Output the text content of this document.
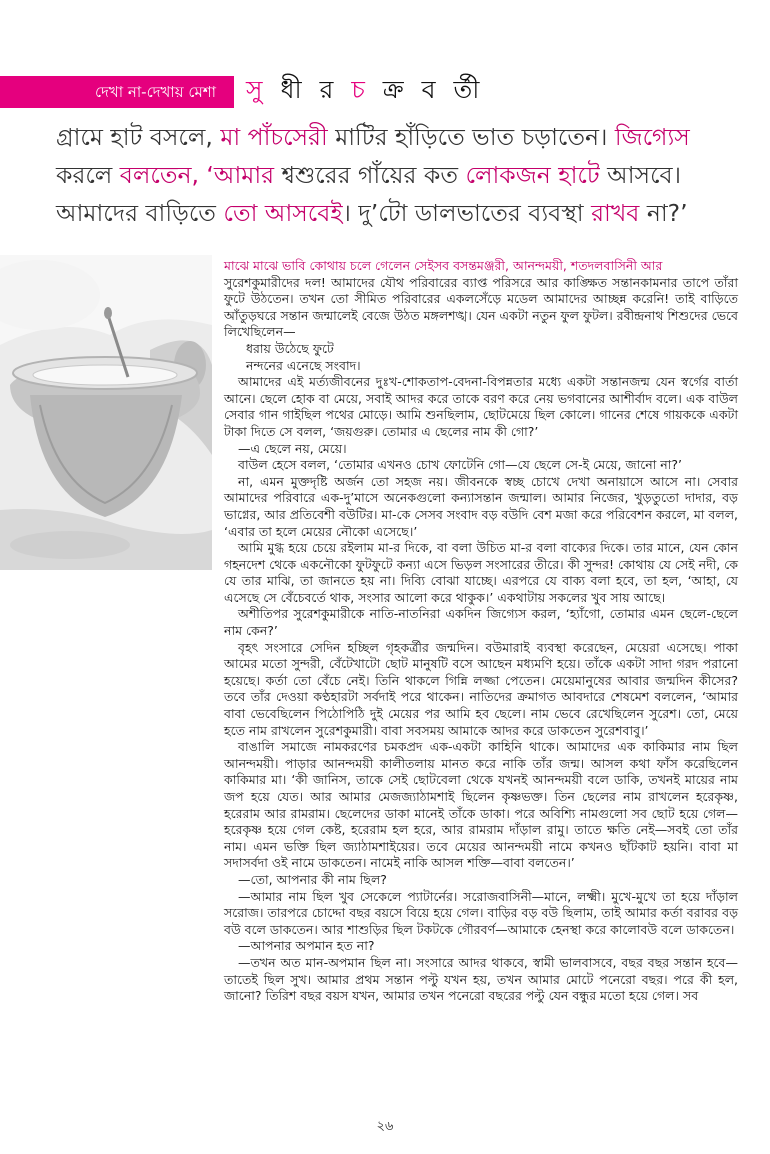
দেখা না-দেখায় মেশা	সু ধী র চ ক্র ব র্তী
গ্রামে হাট বসলে, মা পাঁচসেরী মাটির হাঁড়িতে ভাত চড়াতেন। জিগ্যেস
করলে বলতেন, ‘আমার শ্বশুরের গাঁয়ের কত লোকজন হাটে আসবে।
আমাদের বাড়িতে তো আসবেই। দু’টো ডালভাতের ব্যবস্থা রাখব না?’

মাঝে মাঝে ভাবি কোথায় চলে গেলেন সেইসব বসন্তমঞ্জরী, আনন্দময়ী, শতদলবাসিনী আর
সুরেশকুমারীদের দল! আমাদের যৌথ পরিবারের ব্যাপ্ত পরিসরে আর কাঙ্ক্ষিত সন্তানকামনার তাপে তাঁরা ফুটে উঠতেন। তখন তো সীমিত পরিবারের একলসেঁড়ে মডেল আমাদের আচ্ছন্ন করেনি! তাই বাড়িতে আঁতুড়ঘরে সন্তান জন্মালেই বেজে উঠত মঙ্গলশঙ্খ। যেন একটা নতুন ফুল ফুটল। রবীন্দ্রনাথ শিশুদের ভেবে লিখেছিলেন—

ধরায় উঠেছে ফুটে

নন্দনের এনেছে সংবাদ।

আমাদের এই মর্ত্যজীবনের দুঃখ-শোকতাপ-বেদনা-বিপন্নতার মধ্যে একটা সন্তানজন্ম যেন স্বর্গের বার্তা আনে। ছেলে হোক বা মেয়ে, সবাই আদর করে তাকে বরণ করে নেয় ভগবানের আশীর্বাদ বলে। এক বাউল সেবার গান গাইছিল পথের মোড়ে। আমি শুনছিলাম, ছোটমেয়ে ছিল কোলে। গানের শেষে গায়ককে একটা টাকা দিতে সে বলল, ‘জয়গুরু। তোমার এ ছেলের নাম কী গো?’

—এ ছেলে নয়, মেয়ে।

বাউল হেসে বলল, ‘তোমার এখনও চোখ ফোটেনি গো—যে ছেলে সে-ই মেয়ে, জানো না?’

না, এমন মুক্তদৃষ্টি অর্জন তো সহজ নয়। জীবনকে স্বচ্ছ চোখে দেখা অনায়াসে আসে না। সেবার আমাদের পরিবারে এক-দু’মাসে অনেকগুলো কন্যাসন্তান জন্মাল। আমার নিজের, খুড়তুতো দাদার, বড় ভাগ্নের, আর প্রতিবেশী বউটির। মা-কে সেসব সংবাদ বড় বউদি বেশ মজা করে পরিবেশন করলে, মা বলল, ‘এবার তা হলে মেয়ের নৌকো এসেছে।’

আমি মুগ্ধ হয়ে চেয়ে রইলাম মা-র দিকে, বা বলা উচিত মা-র বলা বাক্যের দিকে। তার মানে, যেন কোন গহনদেশ থেকে একনৌকো ফুটফুটে কন্যা এসে ভিড়ল সংসারের তীরে। কী সুন্দর! কোথায় যে সেই নদী, কে যে তার মাঝি, তা জানতে হয় না। দিব্যি বোঝা যাচ্ছে। এরপরে যে বাক্য বলা হবে, তা হল, ‘আহা, যে এসেছে সে বেঁচেবর্তে থাক, সংসার আলো করে থাকুক।’ একথাটায় সকলের খুব সায় আছে।

অশীতিপর সুরেশকুমারীকে নাতি-নাতনিরা একদিন জিগ্যেস করল, ‘হ্যাঁগো, তোমার এমন ছেলে-ছেলে নাম কেন?’

বৃহৎ সংসারে সেদিন হচ্ছিল গৃহকর্ত্রীর জন্মদিন। বউমারাই ব্যবস্থা করেছেন, মেয়েরা এসেছে। পাকা আমের মতো সুন্দরী, বেঁটেখাটো ছোট মানুষটি বসে আছেন মধ্যমণি হয়ে। তাঁকে একটা সাদা গরদ পরানো হয়েছে। কর্তা তো বেঁচে নেই। তিনি থাকলে গিন্নি লজ্জা পেতেন। মেয়েমানুষের আবার জন্মদিন কীসের? তবে তাঁর দেওয়া কণ্ঠহারটা সর্বদাই পরে থাকেন। নাতিদের ক্রমাগত আবদারে শেষমেশ বললেন, ‘আমার বাবা ভেবেছিলেন পিঠোপিঠি দুই মেয়ের পর আমি হব ছেলে। নাম ভেবে রেখেছিলেন সুরেশ। তো, মেয়ে হতে নাম রাখলেন সুরেশকুমারী। বাবা সবসময় আমাকে আদর করে ডাকতেন সুরেশবাবু।’

বাঙালি সমাজে নামকরণের চমকপ্রদ এক-একটা কাহিনি থাকে। আমাদের এক কাকিমার নাম ছিল আনন্দময়ী। পাড়ার আনন্দময়ী কালীতলায় মানত করে নাকি তাঁর জন্ম। আসল কথা ফাঁস করেছিলেন কাকিমার মা। ‘কী জানিস, তাকে সেই ছোটবেলা থেকে যখনই আনন্দময়ী বলে ডাকি, তখনই মায়ের নাম জপ হয়ে যেত। আর আমার মেজজ্যাঠামশাই ছিলেন কৃষ্ণভক্ত। তিন ছেলের নাম রাখলেন হরেকৃষ্ণ, হরেরাম আর রামরাম। ছেলেদের ডাকা মানেই তাঁকে ডাকা। পরে অবিশ্যি নামগুলো সব ছোট হয়ে গেল—হরেকৃষ্ণ হয়ে গেল কেষ্ট, হরেরাম হল হরে, আর রামরাম দাঁড়াল রামু। তাতে ক্ষতি নেই—সবই তো তাঁর নাম। এমন ভক্তি ছিল জ্যাঠামশাইয়ের। তবে মেয়ের আনন্দময়ী নামে কখনও ছাঁটকাট হয়নি। বাবা মা সদাসর্বদা ওই নামে ডাকতেন। নামেই নাকি আসল শক্তি—বাবা বলতেন।’

—তো, আপনার কী নাম ছিল?

—আমার নাম ছিল খুব সেকেলে প্যাটার্নের। সরোজবাসিনী—মানে, লক্ষ্মী। মুখে-মুখে তা হয়ে দাঁড়াল সরোজ। তারপরে চোদ্দো বছর বয়সে বিয়ে হয়ে গেল। বাড়ির বড় বউ ছিলাম, তাই আমার কর্তা বরাবর বড় বউ বলে ডাকতেন। আর শাশুড়ির ছিল টকটকে গৌরবর্ণ—আমাকে হেনস্থা করে কালোবউ বলে ডাকতেন।

—আপনার অপমান হত না?

—তখন অত মান-অপমান ছিল না। সংসারে আদর থাকবে, স্বামী ভালবাসবে, বছর বছর সন্তান হবে—তাতেই ছিল সুখ। আমার প্রথম সন্তান পল্টু যখন হয়, তখন আমার মোটে পনেরো বছর। পরে কী হল, জানো? তিরিশ বছর বয়স যখন, আমার তখন পনেরো বছরের পল্টু যেন বন্ধুর মতো হয়ে গেল। সব

২৬
